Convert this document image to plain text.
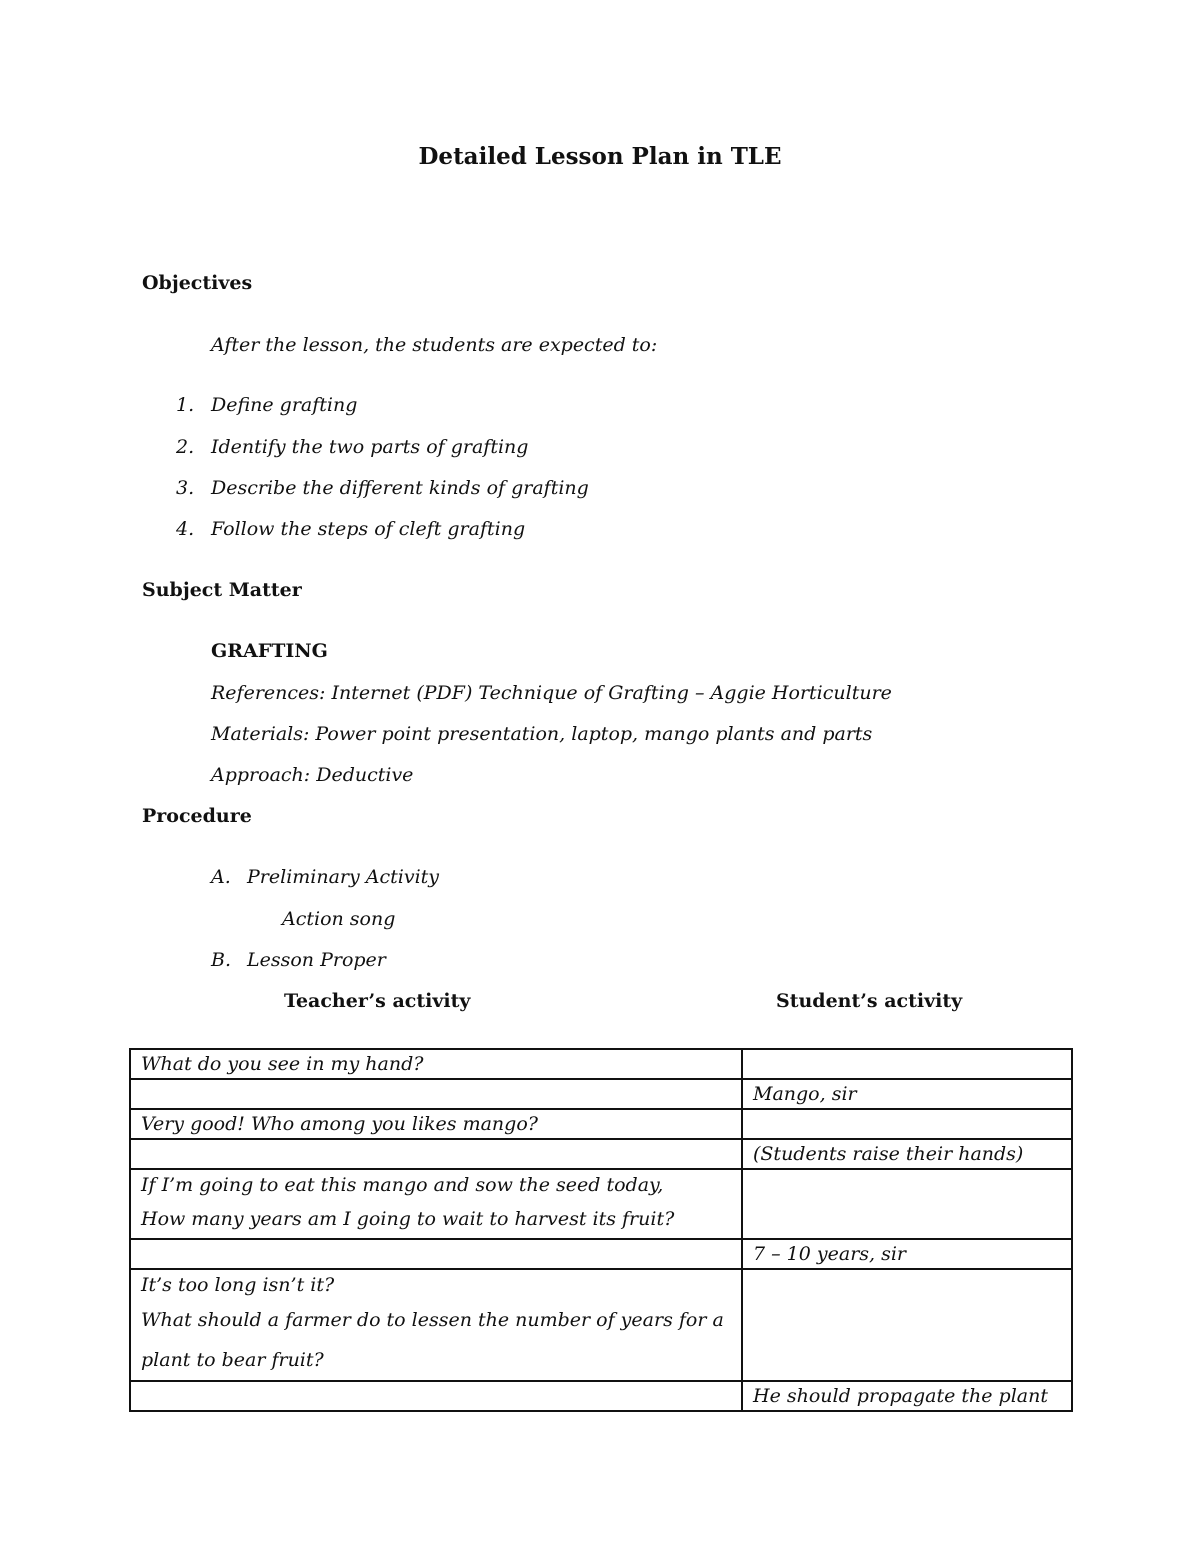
Detailed Lesson Plan in TLE
Objectives
After the lesson, the students are expected to:
1. Define grafting
2. Identify the two parts of grafting
3. Describe the different kinds of grafting
4. Follow the steps of cleft grafting
Subject Matter
GRAFTING
References: Internet (PDF) Technique of Grafting – Aggie Horticulture
Materials: Power point presentation, laptop, mango plants and parts
Approach: Deductive
Procedure
A. Preliminary Activity
Action song
B. Lesson Proper
Teacher’s activity	Student’s activity
What do you see in my hand?	

	Mango, sir

Very good! Who among you likes mango?	

	(Students raise their hands)

If I’m going to eat this mango and sow the seed today,
How many years am I going to wait to harvest its fruit?	

	7 – 10 years, sir

It’s too long isn’t it?
What should a farmer do to lessen the number of years for a
plant to bear fruit?	

	He should propagate the plant
